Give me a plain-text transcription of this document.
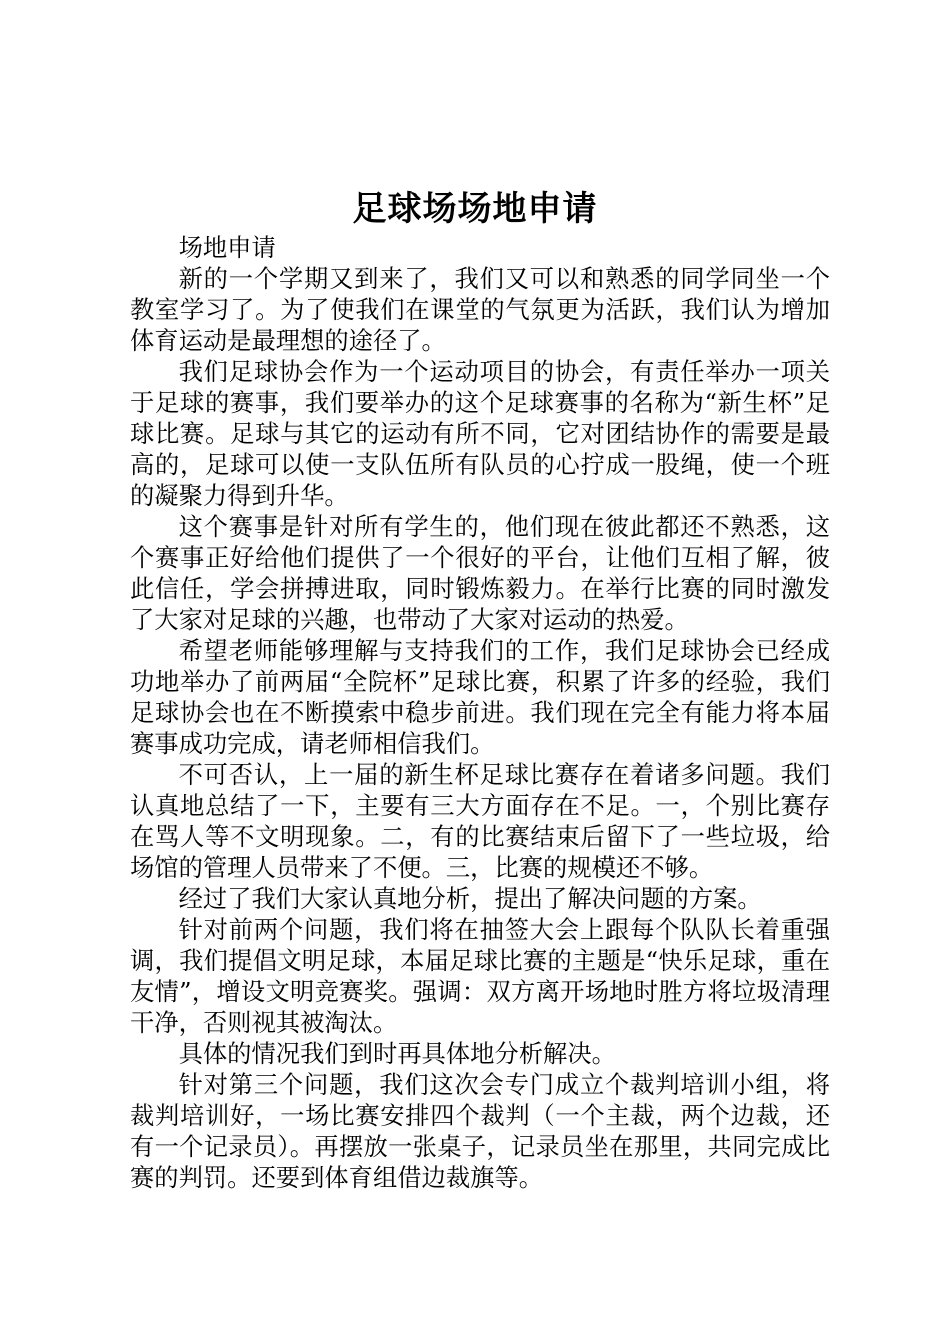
足球场场地申请

场地申请

新的一个学期又到来了，我们又可以和熟悉的同学同坐一个教室学习了。为了使我们在课堂的气氛更为活跃，我们认为增加体育运动是最理想的途径了。

我们足球协会作为一个运动项目的协会，有责任举办一项关于足球的赛事，我们要举办的这个足球赛事的名称为“新生杯”足球比赛。足球与其它的运动有所不同，它对团结协作的需要是最高的，足球可以使一支队伍所有队员的心拧成一股绳，使一个班的凝聚力得到升华。

这个赛事是针对所有学生的，他们现在彼此都还不熟悉，这个赛事正好给他们提供了一个很好的平台，让他们互相了解，彼此信任，学会拼搏进取，同时锻炼毅力。在举行比赛的同时激发了大家对足球的兴趣，也带动了大家对运动的热爱。

希望老师能够理解与支持我们的工作，我们足球协会已经成功地举办了前两届“全院杯”足球比赛，积累了许多的经验，我们足球协会也在不断摸索中稳步前进。我们现在完全有能力将本届赛事成功完成，请老师相信我们。

不可否认，上一届的新生杯足球比赛存在着诸多问题。我们认真地总结了一下，主要有三大方面存在不足。一，个别比赛存在骂人等不文明现象。二，有的比赛结束后留下了一些垃圾，给场馆的管理人员带来了不便。三，比赛的规模还不够。

经过了我们大家认真地分析，提出了解决问题的方案。

针对前两个问题，我们将在抽签大会上跟每个队队长着重强调，我们提倡文明足球，本届足球比赛的主题是“快乐足球，重在友情”，增设文明竞赛奖。强调：双方离开场地时胜方将垃圾清理干净，否则视其被淘汰。

具体的情况我们到时再具体地分析解决。

针对第三个问题，我们这次会专门成立个裁判培训小组，将裁判培训好，一场比赛安排四个裁判（一个主裁，两个边裁，还有一个记录员）。再摆放一张桌子，记录员坐在那里，共同完成比赛的判罚。还要到体育组借边裁旗等。
